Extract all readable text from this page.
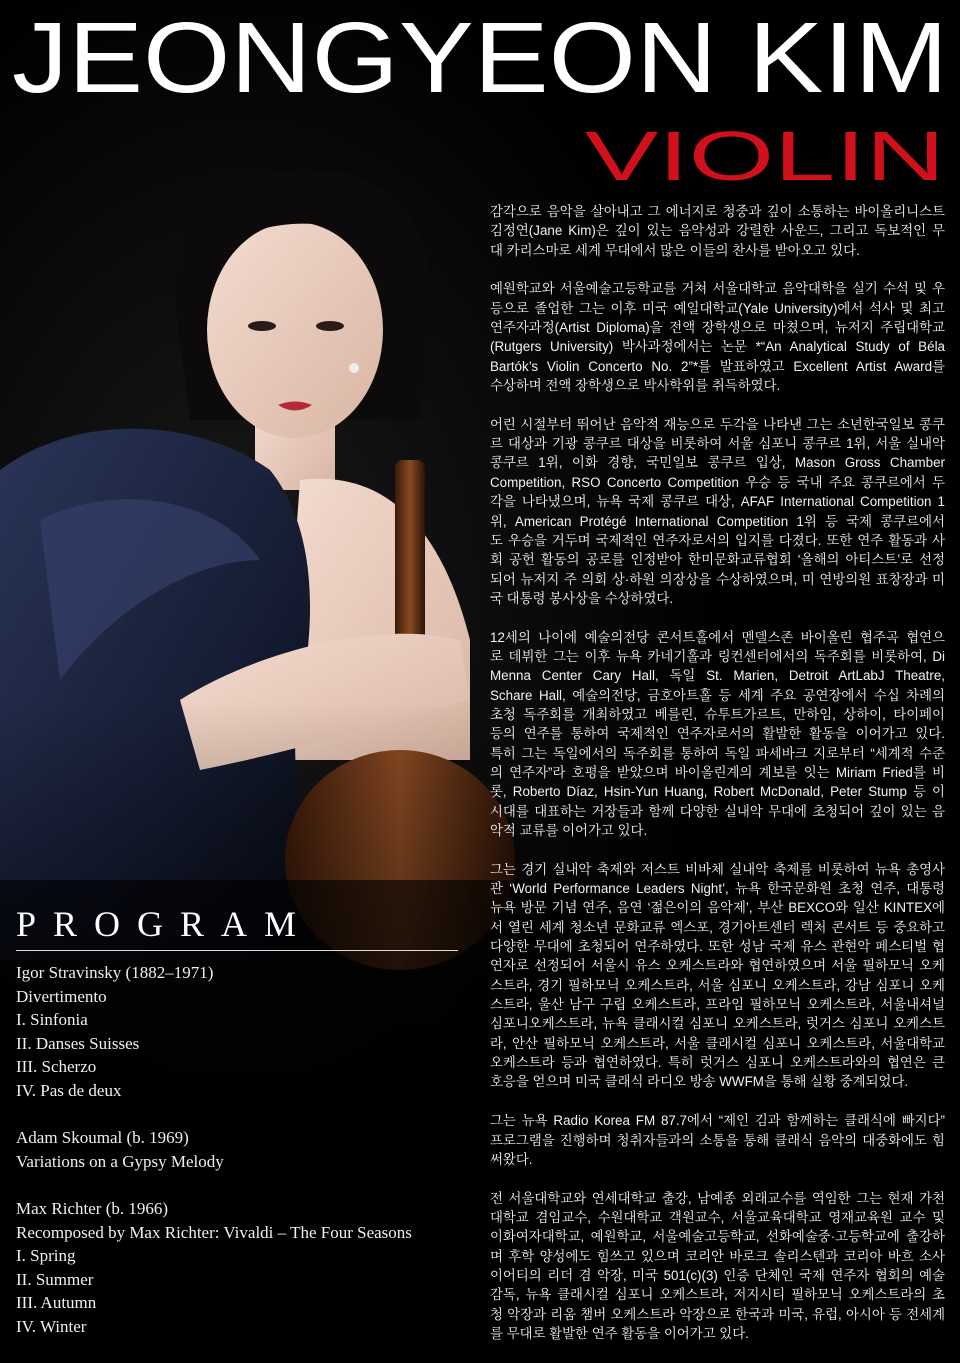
JEONGYEON KIM
VIOLIN
감각으로 음악을 살아내고 그 에너지로 청중과 깊이 소통하는 바이올리니스트
김정연(Jane Kim)은 깊이 있는 음악성과 강렬한 사운드, 그리고 독보적인 무
대 카리스마로 세계 무대에서 많은 이들의 찬사를 받아오고 있다.
예원학교와 서울예술고등학교를 거쳐 서울대학교 음악대학을 실기 수석 및 우
등으로 졸업한 그는 이후 미국 예일대학교(Yale University)에서 석사 및 최고
연주자과정(Artist Diploma)을 전액 장학생으로 마쳤으며, 뉴저지 주립대학교
(Rutgers University) 박사과정에서는 논문 *“An Analytical Study of Béla
Bartók’s Violin Concerto No. 2”*를 발표하였고 Excellent Artist Award를
수상하며 전액 장학생으로 박사학위를 취득하였다.
어린 시절부터 뛰어난 음악적 재능으로 두각을 나타낸 그는 소년한국일보 콩쿠
르 대상과 기광 콩쿠르 대상을 비롯하여 서울 심포니 콩쿠르 1위, 서울 실내악
콩쿠르 1위, 이화 경향, 국민일보 콩쿠르 입상, Mason Gross Chamber
Competition, RSO Concerto Competition 우승 등 국내 주요 콩쿠르에서 두
각을 나타냈으며, 뉴욕 국제 콩쿠르 대상, AFAF International Competition 1
위, American Protégé International Competition 1위 등 국제 콩쿠르에서
도 우승을 거두며 국제적인 연주자로서의 입지를 다졌다. 또한 연주 활동과 사
회 공헌 활동의 공로를 인정받아 한미문화교류협회 ‘올해의 아티스트’로 선정
되어 뉴저지 주 의회 상·하원 의장상을 수상하였으며, 미 연방의원 표창장과 미
국 대통령 봉사상을 수상하였다.
12세의 나이에 예술의전당 콘서트홀에서 멘델스존 바이올린 협주곡 협연으
로 데뷔한 그는 이후 뉴욕 카네기홀과 링컨센터에서의 독주회를 비롯하여, Di
Menna Center Cary Hall, 독일 St. Marien, Detroit ArtLabJ Theatre,
Schare Hall, 예술의전당, 금호아트홀 등 세계 주요 공연장에서 수십 차례의
초청 독주회를 개최하였고 베를린, 슈투트가르트, 만하임, 상하이, 타이페이
등의 연주를 통하여 국제적인 연주자로서의 활발한 활동을 이어가고 있다.
특히 그는 독일에서의 독주회를 통하여 독일 파세바크 지로부터 “세계적 수준
의 연주자”라 호평을 받았으며 바이올린계의 계보를 잇는 Miriam Fried를 비
롯, Roberto Díaz, Hsin-Yun Huang, Robert McDonald, Peter Stump 등 이
시대를 대표하는 거장들과 함께 다양한 실내악 무대에 초청되어 깊이 있는 음
악적 교류를 이어가고 있다.
그는 경기 실내악 축제와 저스트 비바체 실내악 축제를 비롯하여 뉴욕 총영사
관 ‘World Performance Leaders Night’, 뉴욕 한국문화원 초청 연주, 대통령
뉴욕 방문 기념 연주, 음연 ‘젊은이의 음악제’, 부산 BEXCO와 일산 KINTEX에
서 열린 세계 청소년 문화교류 엑스포, 경기아트센터 렉처 콘서트 등 중요하고
다양한 무대에 초청되어 연주하였다. 또한 성남 국제 유스 관현악 페스티벌 협
연자로 선정되어 서울시 유스 오케스트라와 협연하였으며 서울 필하모닉 오케
스트라, 경기 필하모닉 오케스트라, 서울 심포니 오케스트라, 강남 심포니 오케
스트라, 울산 남구 구립 오케스트라, 프라임 필하모닉 오케스트라, 서울내셔널
심포니오케스트라, 뉴욕 클래시컬 심포니 오케스트라, 럿거스 심포니 오케스트
라, 안산 필하모닉 오케스트라, 서울 클래시컬 심포니 오케스트라, 서울대학교
오케스트라 등과 협연하였다. 특히 럿거스 심포니 오케스트라와의 협연은 큰
호응을 얻으며 미국 클래식 라디오 방송 WWFM을 통해 실황 중계되었다.
그는 뉴욕 Radio Korea FM 87.7에서 “제인 김과 함께하는 클래식에 빠지다”
프로그램을 진행하며 청취자들과의 소통을 통해 클래식 음악의 대중화에도 힘
써왔다.
전 서울대학교와 연세대학교 출강, 남예종 외래교수를 역임한 그는 현재 가천
대학교 겸임교수, 수원대학교 객원교수, 서울교육대학교 영재교육원 교수 및
이화여자대학교, 예원학교, 서울예술고등학교, 선화예술중·고등학교에 출강하
며 후학 양성에도 힘쓰고 있으며 코리안 바로크 솔리스텐과 코리아 바흐 소사
이어티의 리더 겸 악장, 미국 501(c)(3) 인증 단체인 국제 연주자 협회의 예술
감독, 뉴욕 클래시컬 심포니 오케스트라, 저지시티 필하모닉 오케스트라의 초
청 악장과 리움 챔버 오케스트라 악장으로 한국과 미국, 유럽, 아시아 등 전세계
를 무대로 활발한 연주 활동을 이어가고 있다.
PROGRAM
Igor Stravinsky (1882–1971)
Divertimento
I. Sinfonia
II. Danses Suisses
III. Scherzo
IV. Pas de deux
Adam Skoumal (b. 1969)
Variations on a Gypsy Melody
Max Richter (b. 1966)
Recomposed by Max Richter: Vivaldi – The Four Seasons
I. Spring
II. Summer
III. Autumn
IV. Winter
